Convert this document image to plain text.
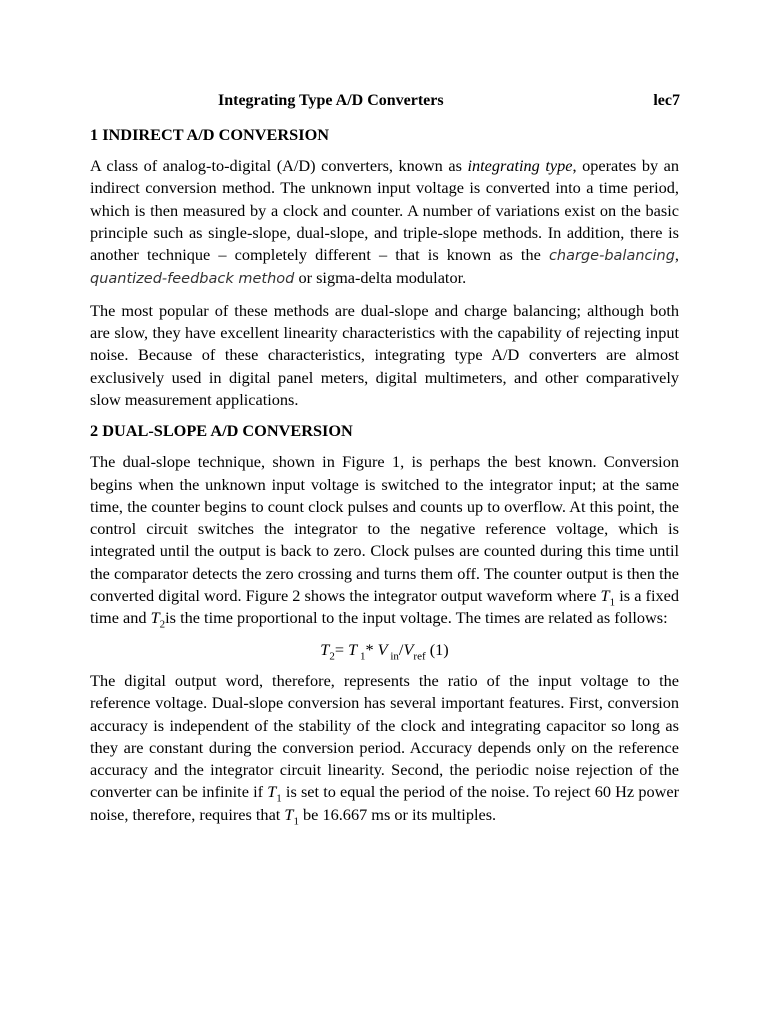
Integrating Type A/D Converters	lec7
1 INDIRECT A/D CONVERSION

A class of analog-to-digital (A/D) converters, known as integrating type, operates by an indirect conversion method. The unknown input voltage is converted into a time period, which is then measured by a clock and counter. A number of variations exist on the basic principle such as single-slope, dual-slope, and triple-slope methods. In addition, there is another technique – completely different – that is known as the charge-balancing, quantized-feedback method or sigma-delta modulator.

The most popular of these methods are dual-slope and charge balancing; although both are slow, they have excellent linearity characteristics with the capability of rejecting input noise. Because of these characteristics, integrating type A/D converters are almost exclusively used in digital panel meters, digital multimeters, and other comparatively slow measurement applications.

2 DUAL-SLOPE A/D CONVERSION

The dual-slope technique, shown in Figure 1, is perhaps the best known. Conversion begins when the unknown input voltage is switched to the integrator input; at the same time, the counter begins to count clock pulses and counts up to overflow. At this point, the control circuit switches the integrator to the negative reference voltage, which is integrated until the output is back to zero. Clock pulses are counted during this time until the comparator detects the zero crossing and turns them off. The counter output is then the converted digital word. Figure 2 shows the integrator output waveform where $T_1$ is a fixed time and $T_2is$ the time proportional to the input voltage. The times are related as follows:

$T_2= T$ $_1$* V $_{in}/V_{ref}$ (1)

The digital output word, therefore, represents the ratio of the input voltage to the reference voltage. Dual-slope conversion has several important features. First, conversion accuracy is independent of the stability of the clock and integrating capacitor so long as they are constant during the conversion period. Accuracy depends only on the reference accuracy and the integrator circuit linearity. Second, the periodic noise rejection of the converter can be infinite if $T_1$ is set to equal the period of the noise. To reject 60 Hz power noise, therefore, requires that $T_1$ be 16.667 ms or its multiples.
